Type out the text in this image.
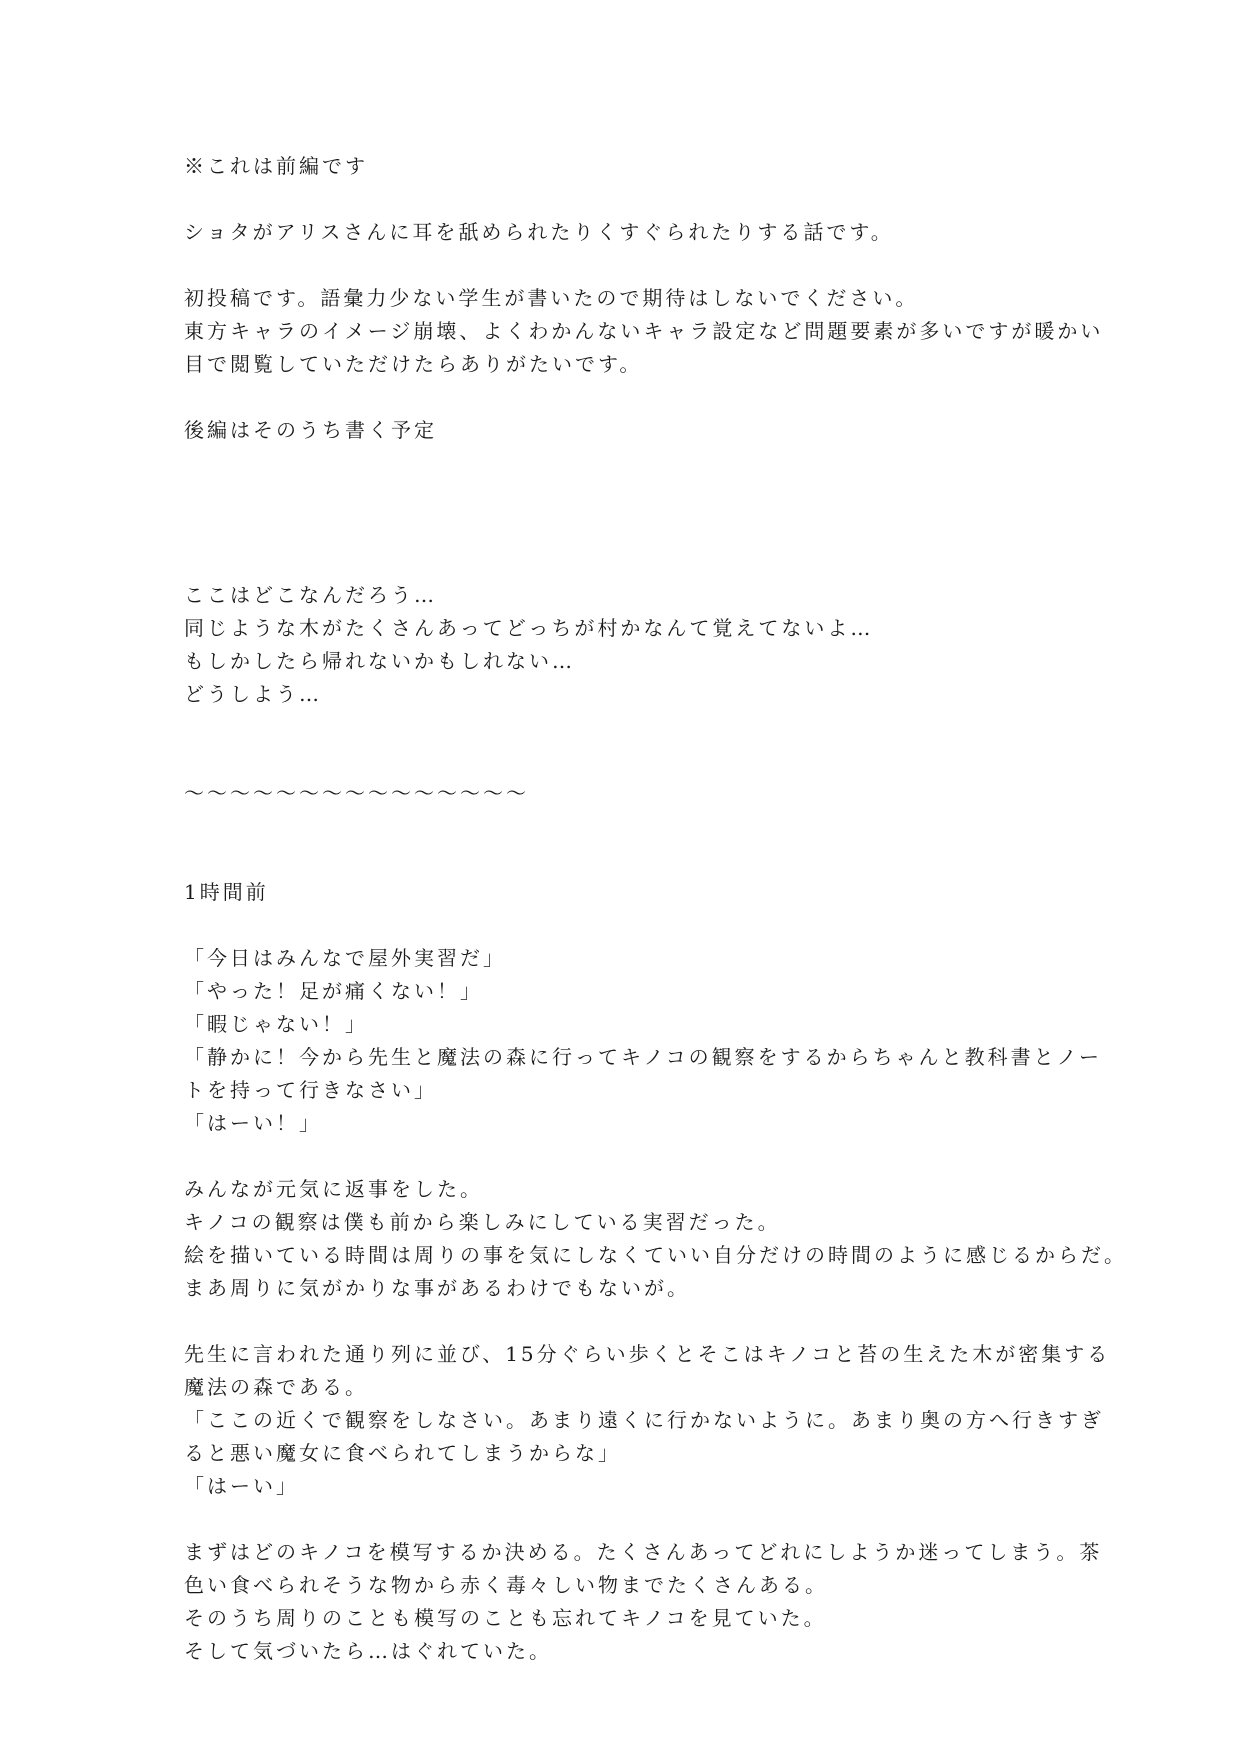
※これは前編です
ショタがアリスさんに耳を舐められたりくすぐられたりする話です。
初投稿です。語彙力少ない学生が書いたので期待はしないでください。
東方キャラのイメージ崩壊、よくわかんないキャラ設定など問題要素が多いですが暖かい
目で閲覧していただけたらありがたいです。
後編はそのうち書く予定
ここはどこなんだろう…
同じような木がたくさんあってどっちが村かなんて覚えてないよ…
もしかしたら帰れないかもしれない…
どうしよう…
〜〜〜〜〜〜〜〜〜〜〜〜〜〜〜
1時間前
「今日はみんなで屋外実習だ」
「やった！足が痛くない！」
「暇じゃない！」
「静かに！今から先生と魔法の森に行ってキノコの観察をするからちゃんと教科書とノー
トを持って行きなさい」
「はーい！」
みんなが元気に返事をした。
キノコの観察は僕も前から楽しみにしている実習だった。
絵を描いている時間は周りの事を気にしなくていい自分だけの時間のように感じるからだ。
まあ周りに気がかりな事があるわけでもないが。
先生に言われた通り列に並び、15分ぐらい歩くとそこはキノコと苔の生えた木が密集する
魔法の森である。
「ここの近くで観察をしなさい。あまり遠くに行かないように。あまり奥の方へ行きすぎ
ると悪い魔女に食べられてしまうからな」
「はーい」
まずはどのキノコを模写するか決める。たくさんあってどれにしようか迷ってしまう。茶
色い食べられそうな物から赤く毒々しい物までたくさんある。
そのうち周りのことも模写のことも忘れてキノコを見ていた。
そして気づいたら…はぐれていた。
